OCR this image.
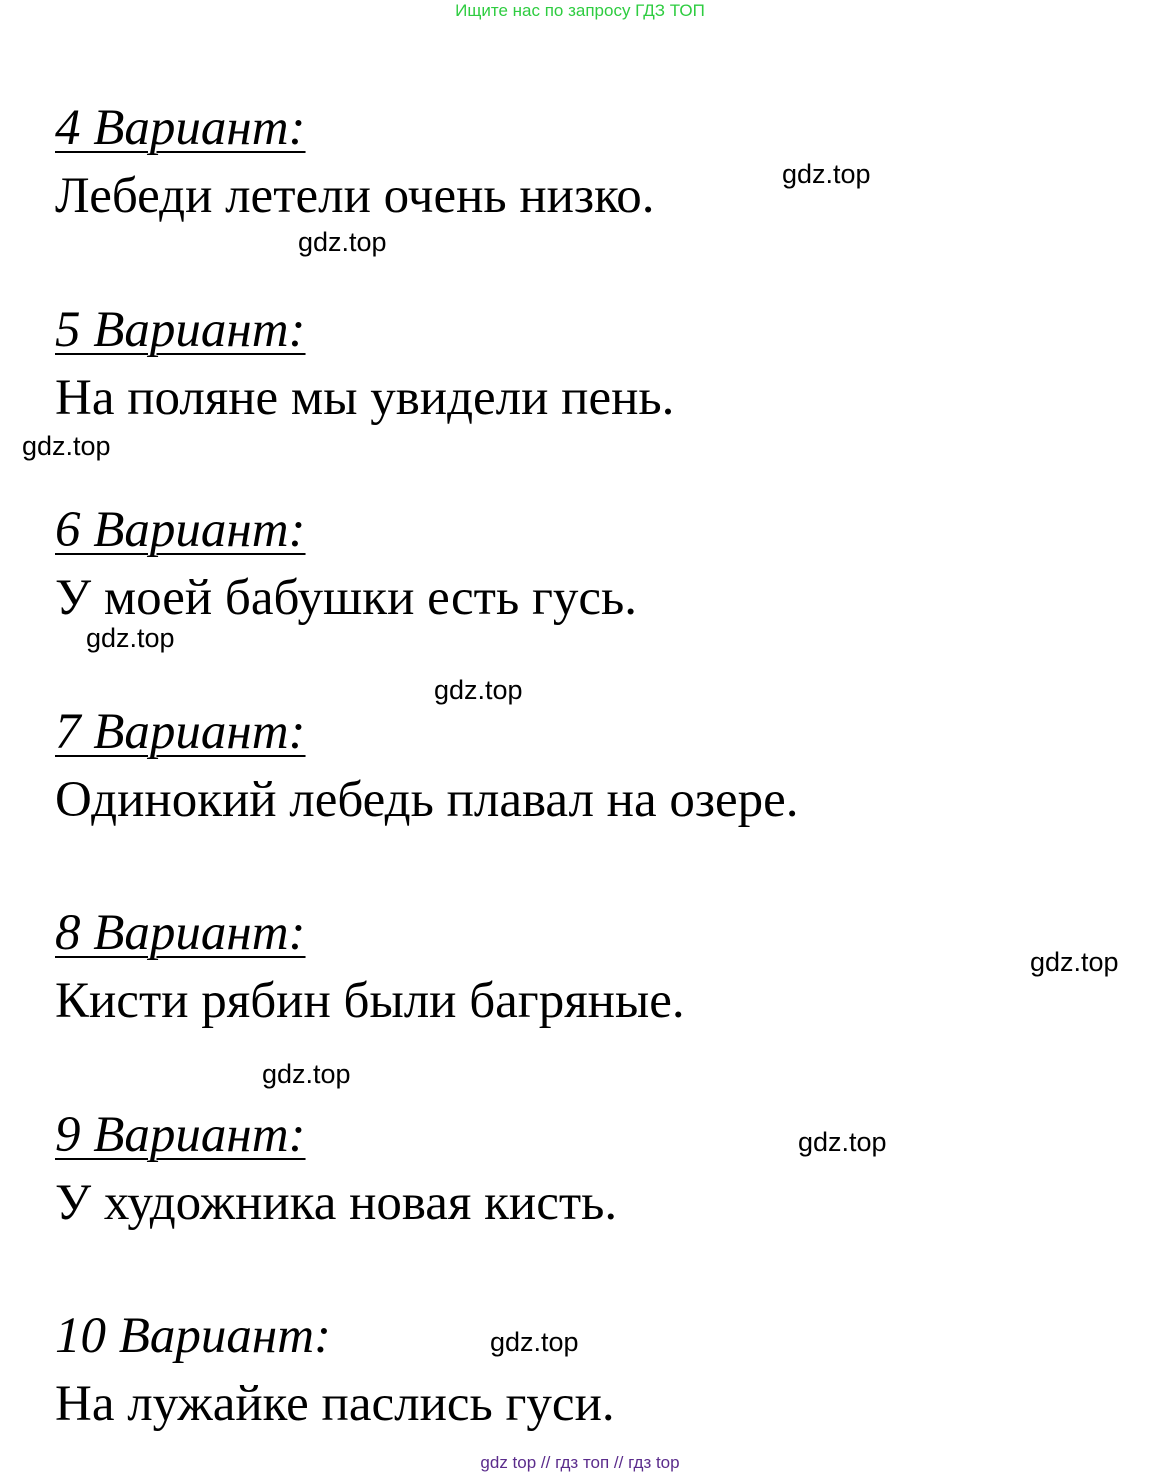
Ищите нас по запросу ГДЗ ТОП
4 Вариант:
Лебеди летели очень низко.
5 Вариант:
На поляне мы увидели пень.
6 Вариант:
У моей бабушки есть гусь.
7 Вариант:
Одинокий лебедь плавал на озере.
8 Вариант:
Кисти рябин были багряные.
9 Вариант:
У художника новая кисть.
10 Вариант:
На лужайке паслись гуси.
gdz.top
gdz.top
gdz.top
gdz.top
gdz.top
gdz.top
gdz.top
gdz.top
gdz.top
gdz top // гдз топ // гдз top
